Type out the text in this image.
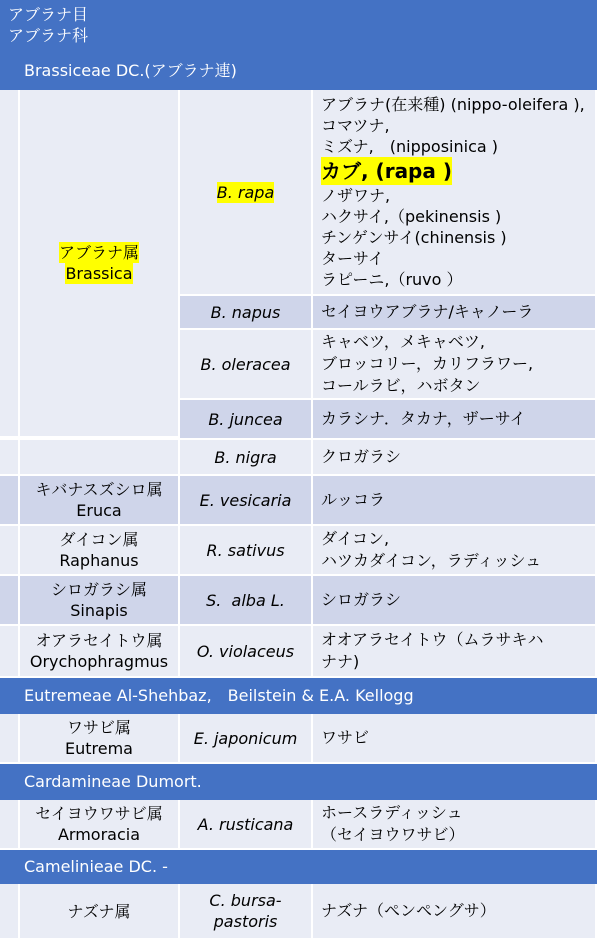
アブラナ目
アブラナ科
Brassiceae DC.(アブラナ連)
アブラナ属
Brassica
B. rapa
アブラナ(在来種) (nippo-oleifera ),
コマツナ,
ミズナ,　(nipposinica )
カブ, (rapa )
ノザワナ,
ハクサイ,（pekinensis )
チンゲンサイ(chinensis )
ターサイ
ラピーニ,（ruvo ）
B. napus	セイヨウアブラナ/キャノーラ
B. oleracea
キャベツ，メキャベツ,
ブロッコリー，カリフラワー,
コールラビ，ハボタン
B. juncea カラシナ．タカナ，ザーサイ
B. nigra	クロガラシ
キバナスズシロ属
Eruca
E. vesicaria ルッコラ
ダイコン属
Raphanus
R. sativus
ダイコン,
ハツカダイコン，ラディッシュ
シロガラシ属
Sinapis
S.  alba L. シロガラシ
オアラセイトウ属
Orychophragmus
O. violaceus
オオアラセイトウ（ムラサキハ
ナナ)
Eutremeae Al-Shehbaz,　Beilstein & E.A. Kellogg
ワサビ属
Eutrema
E. japonicum ワサビ
Cardamineae Dumort.
セイヨウワサビ属
Armoracia
A. rusticana
ホースラディッシュ
（セイヨウワサビ）
Camelinieae DC. -
ナズナ属
C. bursa-
pastoris
ナズナ（ペンペングサ）
